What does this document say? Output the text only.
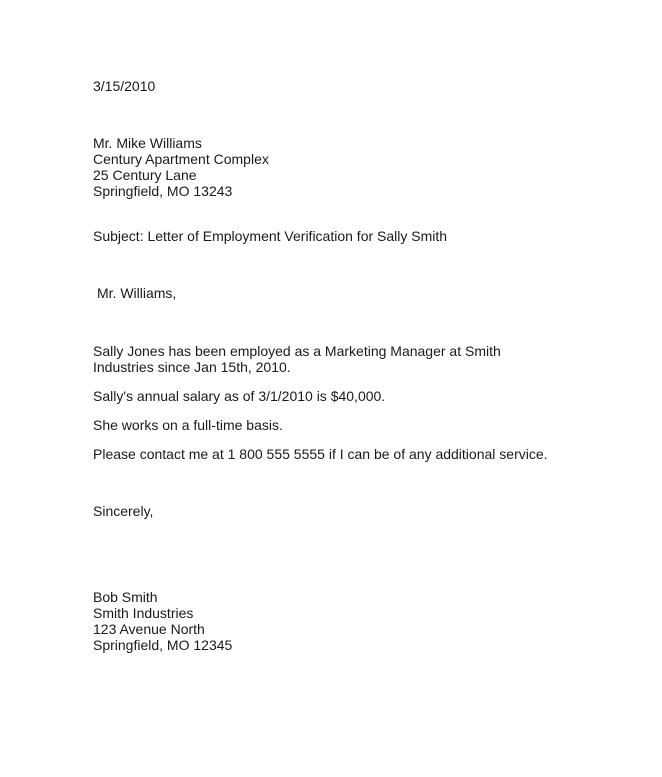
3/15/2010
Mr. Mike Williams
Century Apartment Complex
25 Century Lane
Springfield, MO 13243
Subject: Letter of Employment Verification for Sally Smith
Mr. Williams,
Sally Jones has been employed as a Marketing Manager at Smith
Industries since Jan 15th, 2010.
Sally's annual salary as of 3/1/2010 is $40,000.
She works on a full-time basis.
Please contact me at 1 800 555 5555 if I can be of any additional service.
Sincerely,
Bob Smith
Smith Industries
123 Avenue North
Springfield, MO 12345
